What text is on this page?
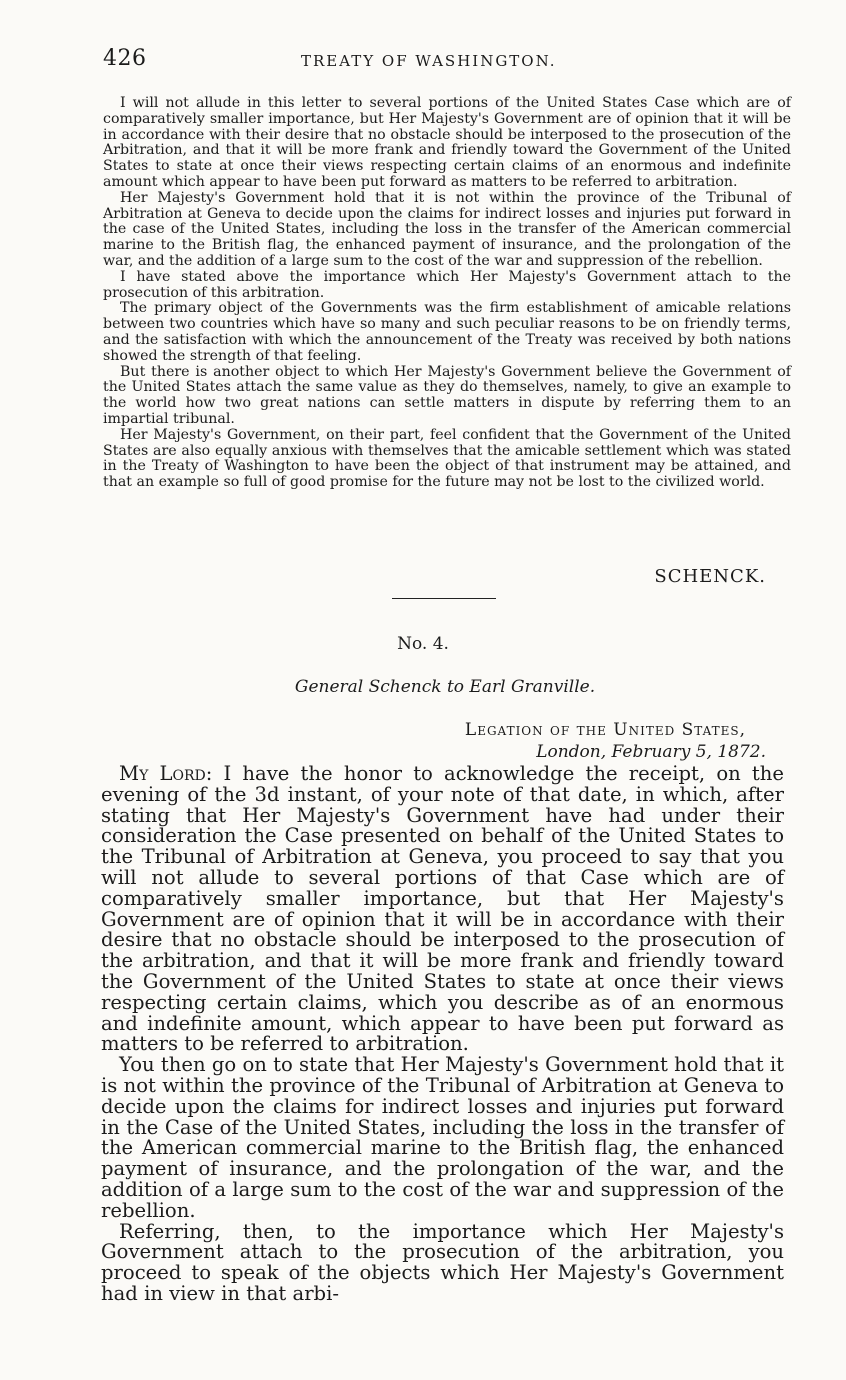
426	TREATY OF WASHINGTON.

I will not allude in this letter to several portions of the United States Case which are of comparatively smaller importance, but Her Majesty's Government are of opinion that it will be in accordance with their desire that no obstacle should be interposed to the prosecution of the Arbitration, and that it will be more frank and friendly toward the Government of the United States to state at once their views respecting certain claims of an enormous and indefinite amount which appear to have been put forward as matters to be referred to arbitration.

Her Majesty's Government hold that it is not within the province of the Tribunal of Arbitration at Geneva to decide upon the claims for indirect losses and injuries put forward in the case of the United States, including the loss in the transfer of the American commercial marine to the British flag, the enhanced payment of insurance, and the prolongation of the war, and the addition of a large sum to the cost of the war and suppression of the rebellion.

I have stated above the importance which Her Majesty's Government attach to the prosecution of this arbitration.

The primary object of the Governments was the firm establishment of amicable relations between two countries which have so many and such peculiar reasons to be on friendly terms, and the satisfaction with which the announcement of the Treaty was received by both nations showed the strength of that feeling.

But there is another object to which Her Majesty's Government believe the Government of the United States attach the same value as they do themselves, namely, to give an example to the world how two great nations can settle matters in dispute by referring them to an impartial tribunal.

Her Majesty's Government, on their part, feel confident that the Government of the United States are also equally anxious with themselves that the amicable settlement which was stated in the Treaty of Washington to have been the object of that instrument may be attained, and that an example so full of good promise for the future may not be lost to the civilized world.

SCHENCK.
No. 4.
General Schenck to Earl Granville.
Legation of the United States,
London, February 5, 1872.

My Lord: I have the honor to acknowledge the receipt, on the evening of the 3d instant, of your note of that date, in which, after stating that Her Majesty's Government have had under their consideration the Case presented on behalf of the United States to the Tribunal of Arbitration at Geneva, you proceed to say that you will not allude to several portions of that Case which are of comparatively smaller importance, but that Her Majesty's Government are of opinion that it will be in accordance with their desire that no obstacle should be interposed to the prosecution of the arbitration, and that it will be more frank and friendly toward the Government of the United States to state at once their views respecting certain claims, which you describe as of an enormous and indefinite amount, which appear to have been put forward as matters to be referred to arbitration.

You then go on to state that Her Majesty's Government hold that it is not within the province of the Tribunal of Arbitration at Geneva to decide upon the claims for indirect losses and injuries put forward in the Case of the United States, including the loss in the transfer of the American commercial marine to the British flag, the enhanced payment of insurance, and the prolongation of the war, and the addition of a large sum to the cost of the war and suppression of the rebellion.

Referring, then, to the importance which Her Majesty's Government attach to the prosecution of the arbitration, you proceed to speak of the objects which Her Majesty's Government had in view in that arbi-
